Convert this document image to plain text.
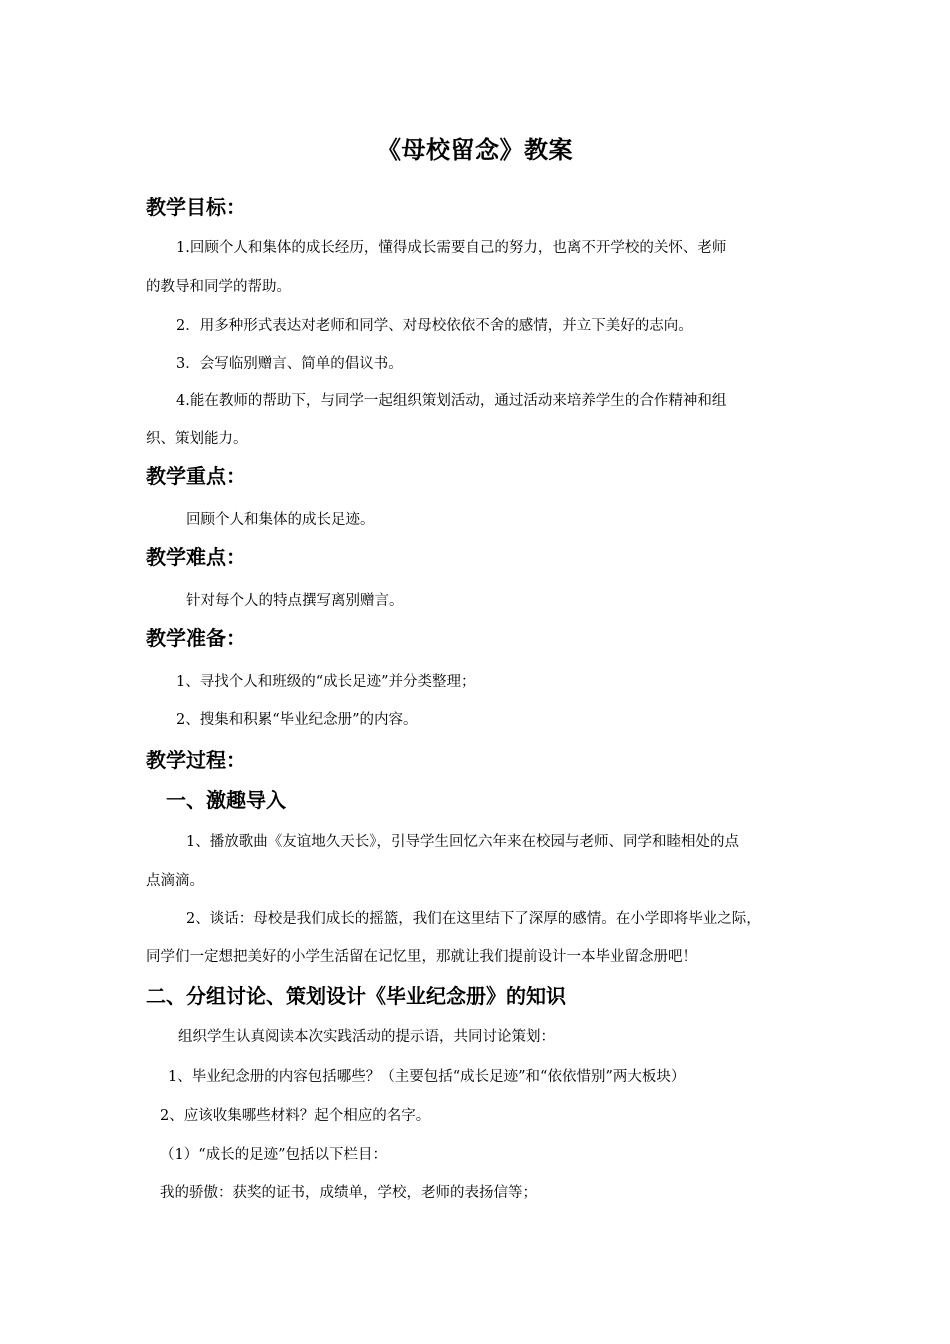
《母校留念》教案
教学目标：
1.回顾个人和集体的成长经历，懂得成长需要自己的努力，也离不开学校的关怀、老师
的教导和同学的帮助。
2．用多种形式表达对老师和同学、对母校依依不舍的感情，并立下美好的志向。
3．会写临别赠言、简单的倡议书。
4.能在教师的帮助下，与同学一起组织策划活动，通过活动来培养学生的合作精神和组
织、策划能力。
教学重点：
回顾个人和集体的成长足迹。
教学难点：
针对每个人的特点撰写离别赠言。
教学准备：
1、寻找个人和班级的“成长足迹”并分类整理；
2、搜集和积累“毕业纪念册”的内容。
教学过程：
一、激趣导入
1、播放歌曲《友谊地久天长》，引导学生回忆六年来在校园与老师、同学和睦相处的点
点滴滴。
2、谈话：母校是我们成长的摇篮，我们在这里结下了深厚的感情。在小学即将毕业之际，
同学们一定想把美好的小学生活留在记忆里，那就让我们提前设计一本毕业留念册吧！
二、分组讨论、策划设计《毕业纪念册》的知识
组织学生认真阅读本次实践活动的提示语，共同讨论策划：
1、毕业纪念册的内容包括哪些？（主要包括“成长足迹”和“依依惜别”两大板块）
2、应该收集哪些材料？起个相应的名字。
（1）“成长的足迹”包括以下栏目：
我的骄傲：获奖的证书，成绩单，学校，老师的表扬信等；
